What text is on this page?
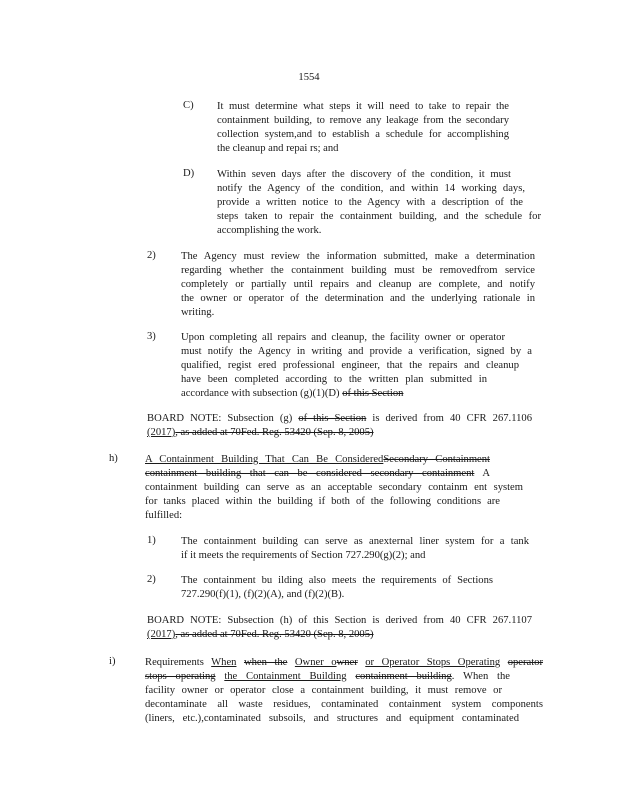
1554
C) It must determine what steps it will need to take to repair the
containment building, to remove any leakage from the secondary
collection system,and to establish a schedule for accomplishing
the cleanup and repai rs; and
D) Within seven days after the discovery of the condition, it must
notify the Agency of the condition, and within 14 working days,
provide a written notice to the Agency with a description of the
steps taken to repair the containment building, and the schedule for
accomplishing the work.
2) The Agency must review the information submitted, make a determination
regarding whether the containment building must be removedfrom service
completely or partially until repairs and cleanup are complete, and notify
the owner or operator of the determination and the underlying rationale in
writing.
3) Upon completing all repairs and cleanup, the facility owner or operator
must notify the Agency in writing and provide a verification, signed by a
qualified, regist ered professional engineer, that the repairs and cleanup
have been completed according to the written plan submitted in
accordance with subsection (g)(1)(D) of this Section
BOARD NOTE: Subsection (g) of this Section is derived from 40 CFR 267.1106
(2017), as added at 70Fed. Reg. 53420 (Sep. 8, 2005)
h)	A Containment Building That Can Be ConsideredSecondary Containment
containment building that can be considered secondary containment A
containment building can serve as an acceptable secondary containm ent system
for tanks placed within the building if both of the following conditions are
fulfilled:
1) The containment building can serve as anexternal liner system for a tank
if it meets the requirements of Section 727.290(g)(2); and
2) The containment bu ilding also meets the requirements of Sections
727.290(f)(1), (f)(2)(A), and (f)(2)(B).
BOARD NOTE: Subsection (h) of this Section is derived from 40 CFR 267.1107
(2017), as added at 70Fed. Reg. 53420 (Sep. 8, 2005)
i)	Requirements When when the Owner owner or Operator Stops Operating operator
stops operating the Containment Building containment building. When the
facility owner or operator close a containment building, it must remove or
decontaminate all waste residues, contaminated containment system components
(liners, etc.),contaminated subsoils, and structures and equipment contaminated
